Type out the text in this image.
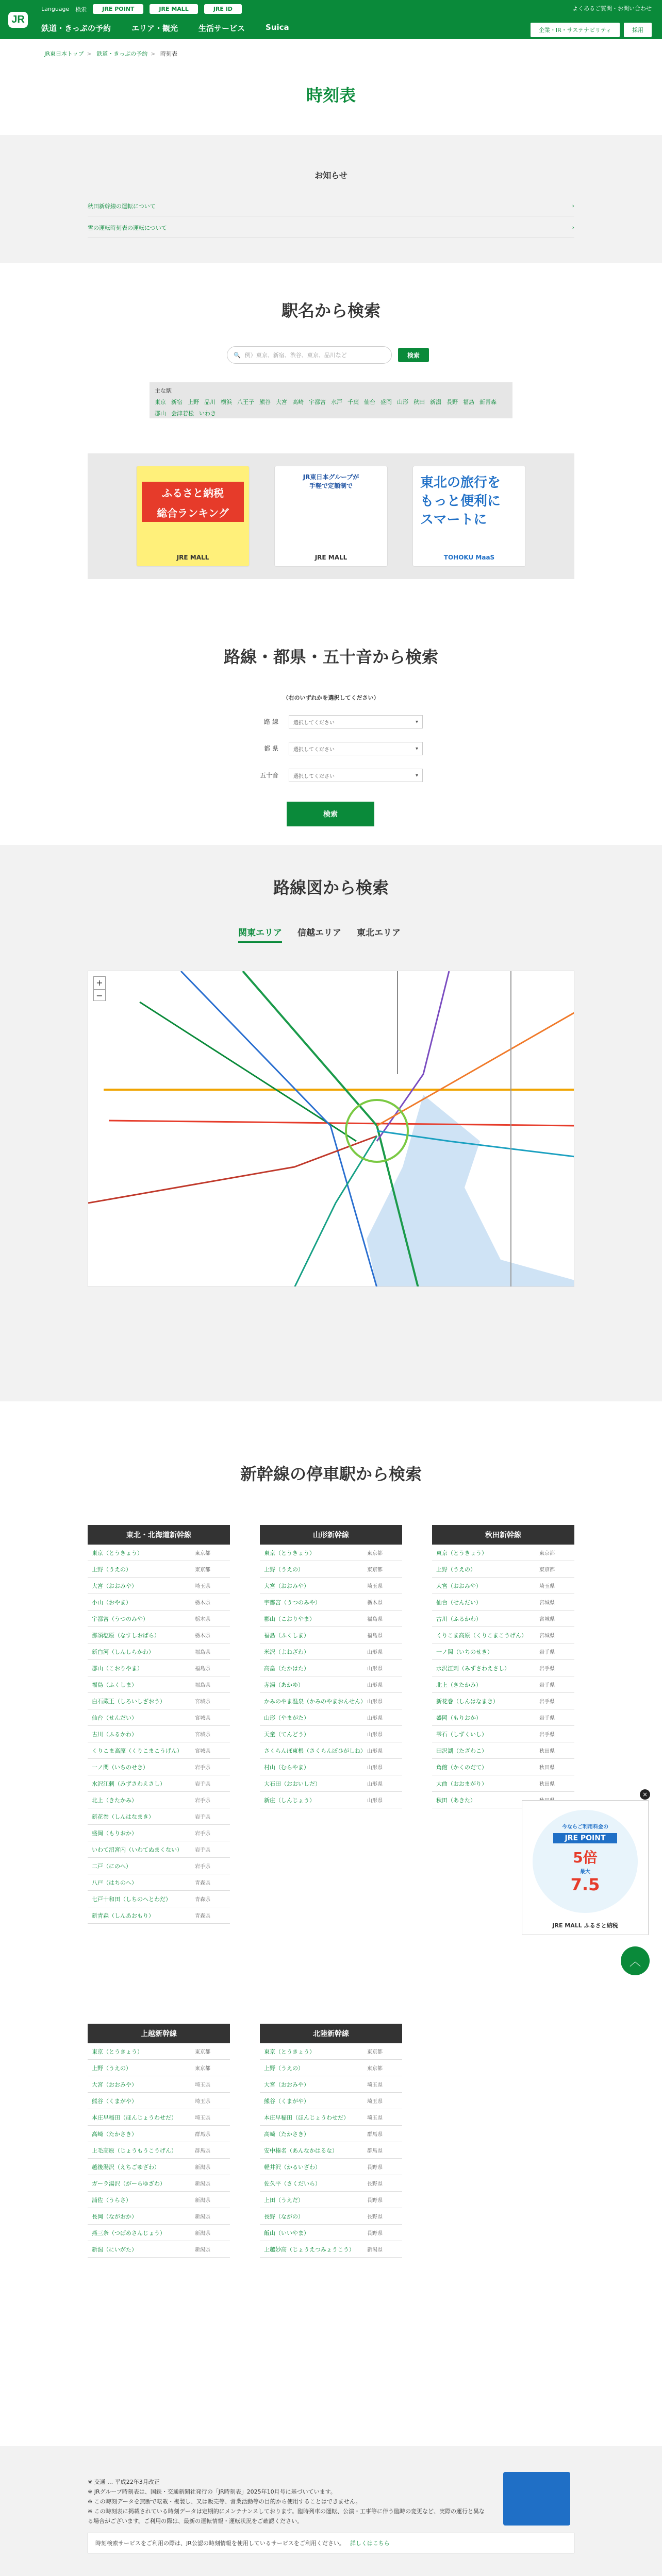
Language 検索	JRE POINT	JRE MALL	JRE ID
鉄道・きっぷの予約	エリア・観光	生活サービス	Suica
よくあるご質問・お問い合わせ
企業・IR・サステナビリティ	採用
JR
JR東日本トップ > 鉄道・きっぷの予約 > 時刻表
時刻表
お知らせ
秋田新幹線の運転について	›
雪の運転時刻表の運転について	›
駅名から検索
🔍 例）東京、新宿、渋谷、東京、品川など	検索
主な駅
東京 新宿 上野 品川 横浜 八王子 熊谷 大宮 高崎 宇都宮 水戸 千葉 仙台 盛岡 山形 秋田 新潟 長野 福島 新青森
郡山 会津若松 いわき
ふるさと納税
総合ランキング
JRE MALL
JR東日本グループが
手軽で定額制で
JRE MALL
東北の旅行を
もっと便利に
スマートに
TOHOKU MaaS
路線・都県・五十音から検索
（右のいずれかを選択してください）
路 線	選択してください	▾
都 県	選択してください	▾
五十音	選択してください	▾
検索
路線図から検索
関東エリア 信越エリア 東北エリア
+
−
新幹線の停車駅から検索
東北・北海道新幹線
東京（とうきょう）	東京都
上野（うえの）	東京都
大宮（おおみや）	埼玉県
小山（おやま）	栃木県
宇都宮（うつのみや）	栃木県
那須塩原（なすしおばら）	栃木県
新白河（しんしらかわ）	福島県
郡山（こおりやま）	福島県
福島（ふくしま）	福島県
白石蔵王（しろいしざおう）	宮城県
仙台（せんだい）	宮城県
古川（ふるかわ）	宮城県
くりこま高原（くりこまこうげん） 宮城県
一ノ関（いちのせき）	岩手県
水沢江刺（みずさわえさし）	岩手県
北上（きたかみ）	岩手県
新花巻（しんはなまき）	岩手県
盛岡（もりおか）	岩手県
いわて沼宮内（いわてぬまくない） 岩手県
二戸（にのへ）	岩手県
八戸（はちのへ）	青森県
七戸十和田（しちのへとわだ）	青森県
新青森（しんあおもり）	青森県
山形新幹線
東京（とうきょう）	東京都
上野（うえの）	東京都
大宮（おおみや）	埼玉県
宇都宮（うつのみや）	栃木県
郡山（こおりやま）	福島県
福島（ふくしま）	福島県
米沢（よねざわ）	山形県
高畠（たかはた）	山形県
赤湯（あかゆ）	山形県
かみのやま温泉（かみのやまおんせん） 山形県
山形（やまがた）	山形県
天童（てんどう）	山形県
さくらんぼ東根（さくらんぼひがしね） 山形県
村山（むらやま）	山形県
大石田（おおいしだ）	山形県
新庄（しんじょう）	山形県
秋田新幹線
東京（とうきょう）	東京都
上野（うえの）	東京都
大宮（おおみや）	埼玉県
仙台（せんだい）	宮城県
古川（ふるかわ）	宮城県
くりこま高原（くりこまこうげん） 宮城県
一ノ関（いちのせき）	岩手県
水沢江刺（みずさわえさし）	岩手県
北上（きたかみ）	岩手県
新花巻（しんはなまき）	岩手県
盛岡（もりおか）	岩手県
雫石（しずくいし）	岩手県
田沢湖（たざわこ）	秋田県
角館（かくのだて）	秋田県
大曲（おおまがり）	秋田県
秋田（あきた）
上越新幹線
東京（とうきょう）	東京都
上野（うえの）	東京都
大宮（おおみや）	埼玉県
熊谷（くまがや）	埼玉県
本庄早稲田（ほんじょうわせだ）	埼玉県
高崎（たかさき）	群馬県
上毛高原（じょうもうこうげん）	群馬県
越後湯沢（えちごゆざわ）	新潟県
ガーラ湯沢（がーらゆざわ）	新潟県
浦佐（うらさ）	新潟県
長岡（ながおか）	新潟県
燕三条（つばめさんじょう）	新潟県
新潟（にいがた）	新潟県
北陸新幹線
東京（とうきょう）	東京都
上野（うえの）	東京都
大宮（おおみや）	埼玉県
熊谷（くまがや）	埼玉県
本庄早稲田（ほんじょうわせだ）	埼玉県
高崎（たかさき）	群馬県
安中榛名（あんなかはるな）	群馬県
軽井沢（かるいざわ）	長野県
佐久平（さくだいら）	長野県
上田（うえだ）	長野県
長野（ながの）	長野県
飯山（いいやま）	長野県
上越妙高（じょうえつみょうこう） 新潟県
今ならご利用料金の
JRE POINT
5倍
最大
7.5
JRE MALL ふるさと納税
×
︿
※ 交通 … 平成22年3月改正
※ JRグループ時刻表は、国鉄・交通新聞社発行の「JR時刻表」2025年10月号に基づいています。
※ この時刻データを無断で転載・複製し、又は販売等、営業活動等の目的から使用することはできません。
※ この時刻表に掲載されている時刻データは定期的にメンテナンスしております。臨時列車の運転、公演・工事等に伴う臨時の変更など、実際の運行と異なる場合がございます。ご利用の際は、最新の運転情報・運転状況をご確認ください。
時刻検索サービスをご利用の際は、JR公認の時刻情報を使用しているサービスをご利用ください。 詳しくはこちら
